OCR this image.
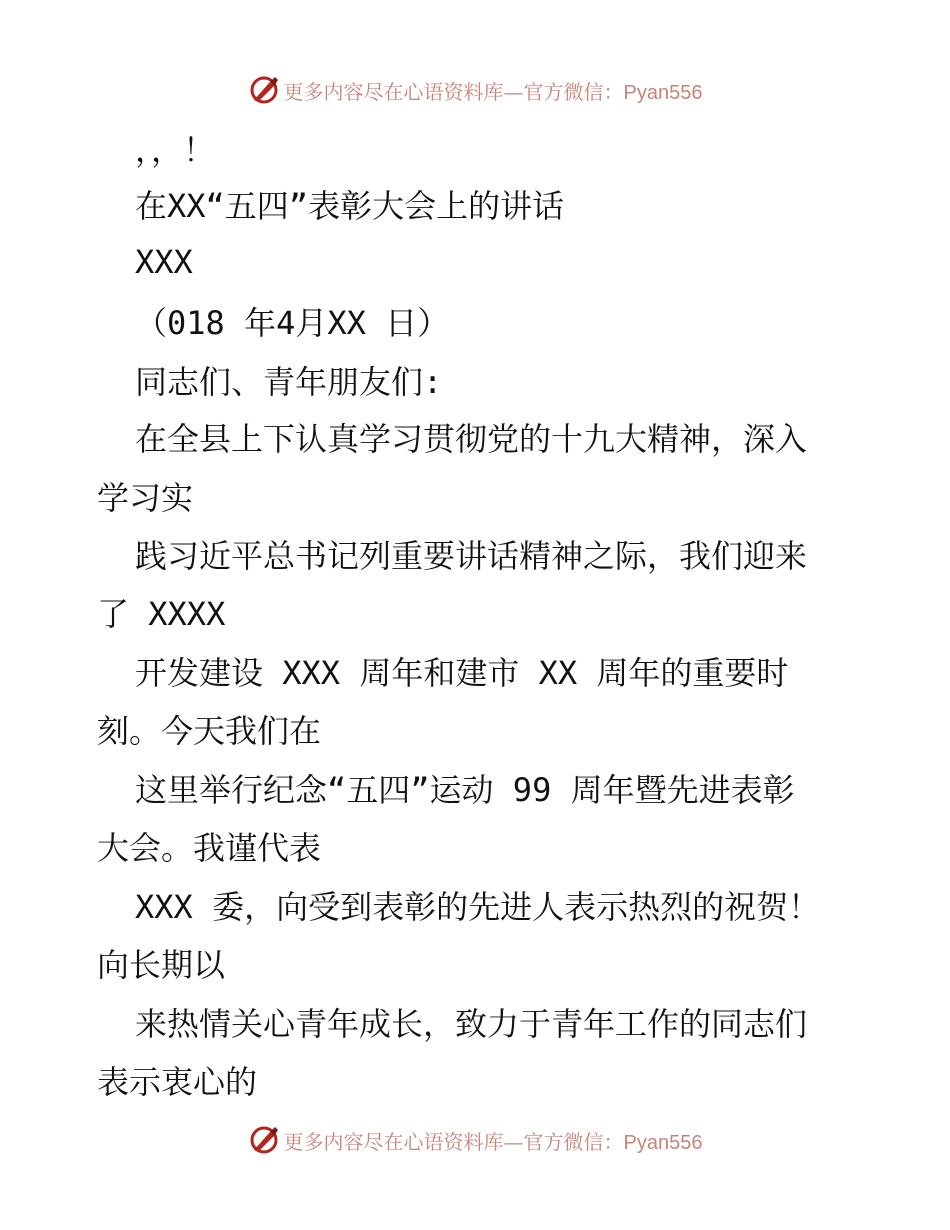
更多内容尽在心语资料库—官方微信：Pyan556
，，！
在XX“五四”表彰大会上的讲话
XXX
（018 年4月XX 日）
同志们、青年朋友们:
在全县上下认真学习贯彻党的十九大精神，深入
学习实
践习近平总书记列重要讲话精神之际，我们迎来
了 XXXX
开发建设 XXX 周年和建市 XX 周年的重要时
刻。今天我们在
这里举行纪念“五四”运动 99 周年暨先进表彰
大会。我谨代表
XXX 委，向受到表彰的先进人表示热烈的祝贺！
向长期以
来热情关心青年成长，致力于青年工作的同志们
表示衷心的
更多内容尽在心语资料库—官方微信：Pyan556
